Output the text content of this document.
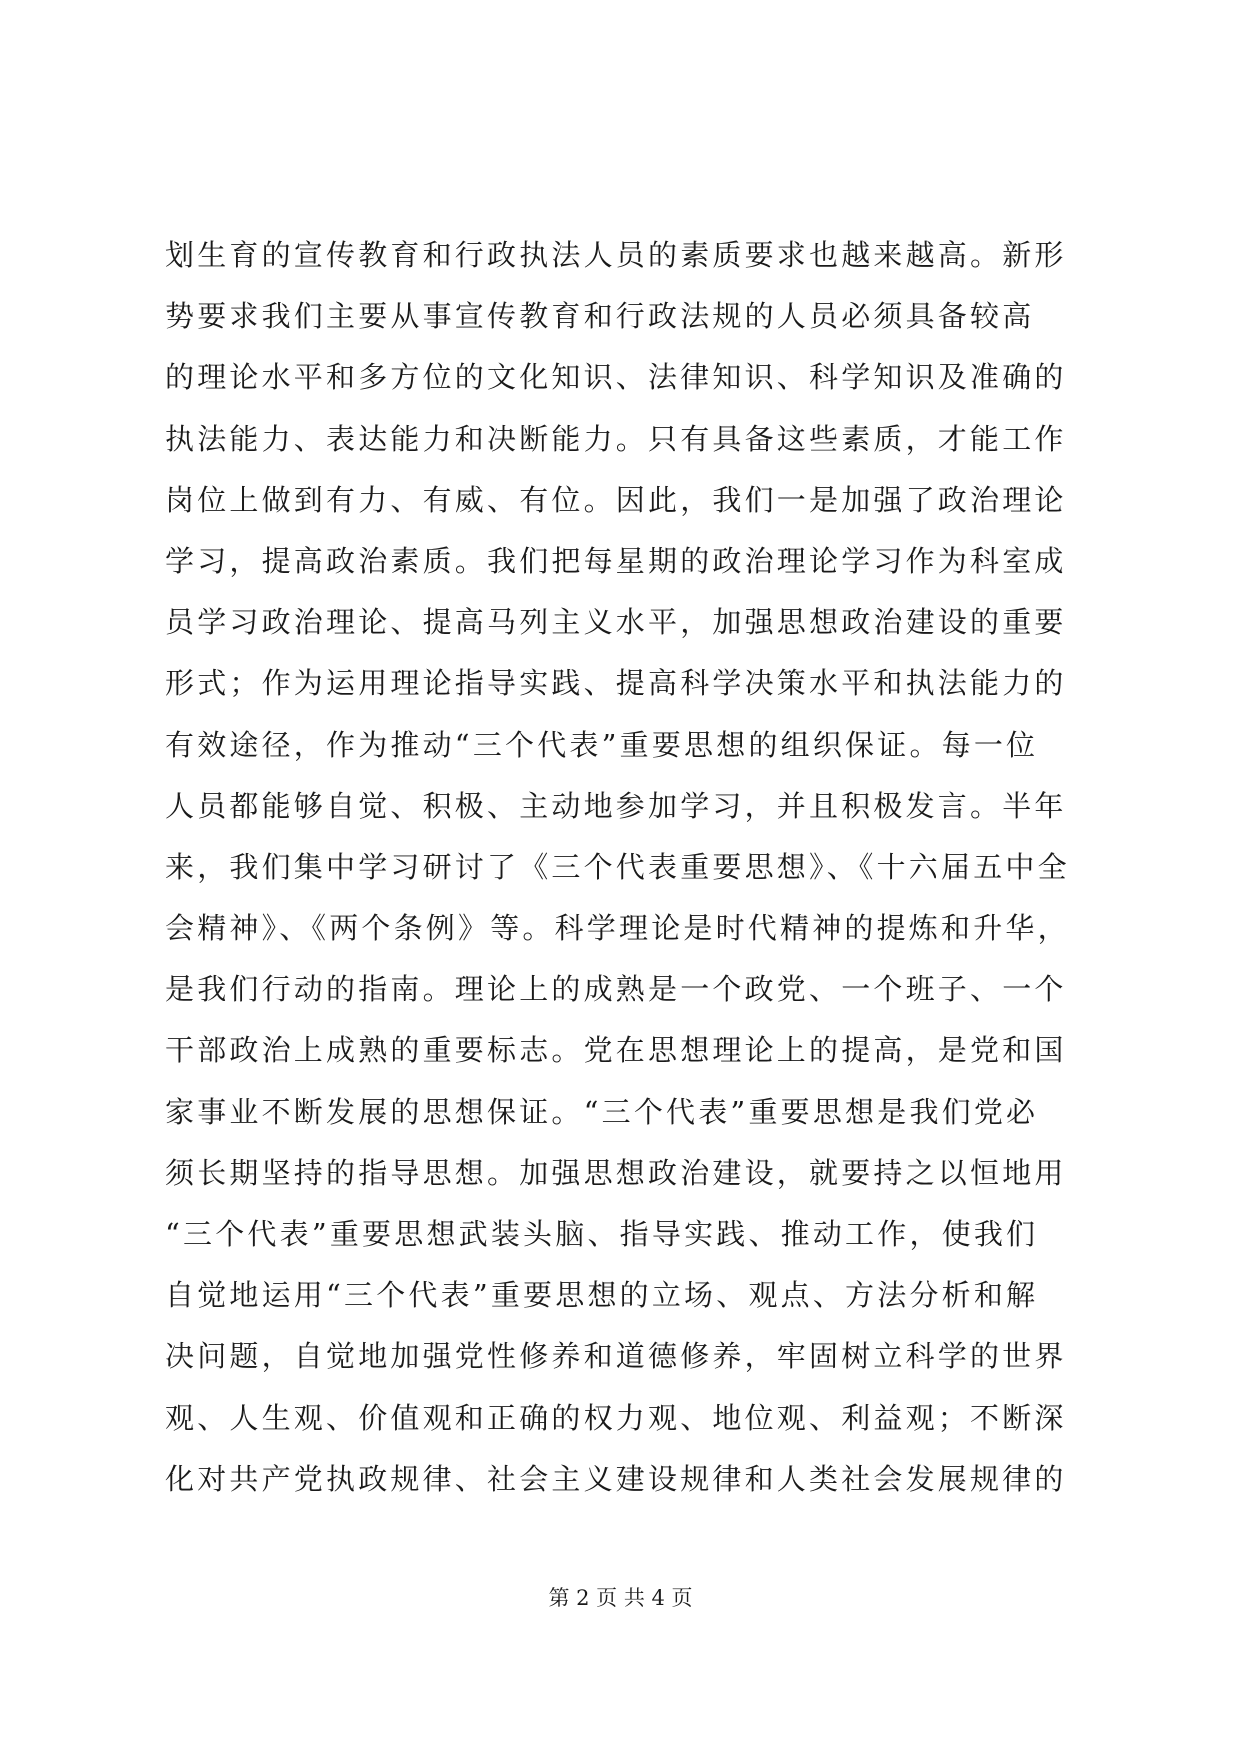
划生育的宣传教育和行政执法人员的素质要求也越来越高。新形
势要求我们主要从事宣传教育和行政法规的人员必须具备较高
的理论水平和多方位的文化知识、法律知识、科学知识及准确的
执法能力、表达能力和决断能力。只有具备这些素质，才能工作
岗位上做到有力、有威、有位。因此，我们一是加强了政治理论
学习，提高政治素质。我们把每星期的政治理论学习作为科室成
员学习政治理论、提高马列主义水平，加强思想政治建设的重要
形式；作为运用理论指导实践、提高科学决策水平和执法能力的
有效途径，作为推动“三个代表”重要思想的组织保证。每一位
人员都能够自觉、积极、主动地参加学习，并且积极发言。半年
来，我们集中学习研讨了《三个代表重要思想》、《十六届五中全
会精神》、《两个条例》等。科学理论是时代精神的提炼和升华，
是我们行动的指南。理论上的成熟是一个政党、一个班子、一个
干部政治上成熟的重要标志。党在思想理论上的提高，是党和国
家事业不断发展的思想保证。“三个代表”重要思想是我们党必
须长期坚持的指导思想。加强思想政治建设，就要持之以恒地用
“三个代表”重要思想武装头脑、指导实践、推动工作，使我们
自觉地运用“三个代表”重要思想的立场、观点、方法分析和解
决问题，自觉地加强党性修养和道德修养，牢固树立科学的世界
观、人生观、价值观和正确的权力观、地位观、利益观；不断深
化对共产党执政规律、社会主义建设规律和人类社会发展规律的
第 2 页 共 4 页
